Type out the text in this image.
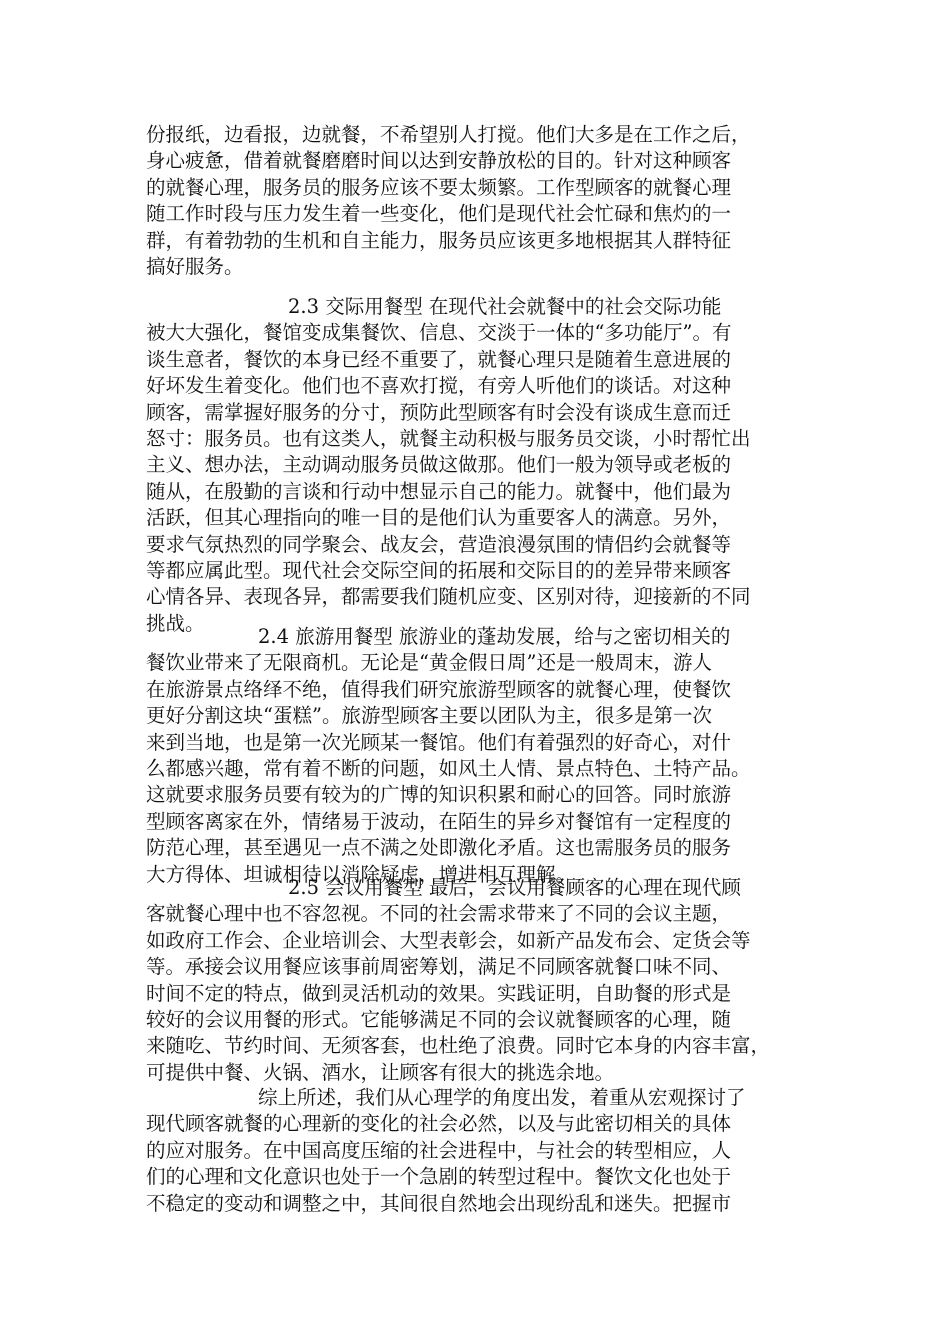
份报纸，边看报，边就餐，不希望别人打搅。他们大多是在工作之后，
身心疲惫，借着就餐磨磨时间以达到安静放松的目的。针对这种顾客
的就餐心理，服务员的服务应该不要太频繁。工作型顾客的就餐心理
随工作时段与压力发生着一些变化，他们是现代社会忙碌和焦灼的一
群，有着勃勃的生机和自主能力，服务员应该更多地根据其人群特征
搞好服务。
2.3 交际用餐型 在现代社会就餐中的社会交际功能
被大大强化，餐馆变成集餐饮、信息、交淡于一体的“多功能厅”。有
谈生意者，餐饮的本身已经不重要了，就餐心理只是随着生意进展的
好坏发生着变化。他们也不喜欢打搅，有旁人听他们的谈话。对这种
顾客，需掌握好服务的分寸，预防此型顾客有时会没有谈成生意而迁
怒寸：服务员。也有这类人，就餐主动积极与服务员交谈，小时帮忙出
主义、想办法，主动调动服务员做这做那。他们一般为领导或老板的
随从，在殷勤的言谈和行动中想显示自己的能力。就餐中，他们最为
活跃，但其心理指向的唯一目的是他们认为重要客人的满意。另外，
要求气氛热烈的同学聚会、战友会，营造浪漫氛围的情侣约会就餐等
等都应属此型。现代社会交际空间的拓展和交际目的的差异带来顾客
心情各异、表现各异，都需要我们随机应变、区别对待，迎接新的不同
挑战。
2.4 旅游用餐型 旅游业的蓬劫发展，给与之密切相关的
餐饮业带来了无限商机。无论是“黄金假日周”还是一般周末，游人
在旅游景点络绎不绝，值得我们研究旅游型顾客的就餐心理，使餐饮
更好分割这块“蛋糕”。旅游型顾客主要以团队为主，很多是第一次
来到当地，也是第一次光顾某一餐馆。他们有着强烈的好奇心，对什
么都感兴趣，常有着不断的问题，如风土人情、景点特色、土特产品。
这就要求服务员要有较为的广博的知识积累和耐心的回答。同时旅游
型顾客离家在外，情绪易于波动，在陌生的异乡对餐馆有一定程度的
防范心理，甚至遇见一点不满之处即激化矛盾。这也需服务员的服务
大方得体、坦诚相待以消除疑虑，增进相互理解。
2.5 会议用餐型 最后，会议用餐顾客的心理在现代顾
客就餐心理中也不容忽视。不同的社会需求带来了不同的会议主题，
如政府工作会、企业培训会、大型表彰会，如新产品发布会、定货会等
等。承接会议用餐应该事前周密筹划，满足不同顾客就餐口味不同、
时间不定的特点，做到灵活机动的效果。实践证明，自助餐的形式是
较好的会议用餐的形式。它能够满足不同的会议就餐顾客的心理，随
来随吃、节约时间、无须客套，也杜绝了浪费。同时它本身的内容丰富，
可提供中餐、火锅、酒水，让顾客有很大的挑选余地。
综上所述，我们从心理学的角度出发，着重从宏观探讨了
现代顾客就餐的心理新的变化的社会必然，以及与此密切相关的具体
的应对服务。在中国高度压缩的社会进程中，与社会的转型相应，人
们的心理和文化意识也处于一个急剧的转型过程中。餐饮文化也处于
不稳定的变动和调整之中，其间很自然地会出现纷乱和迷失。把握市
